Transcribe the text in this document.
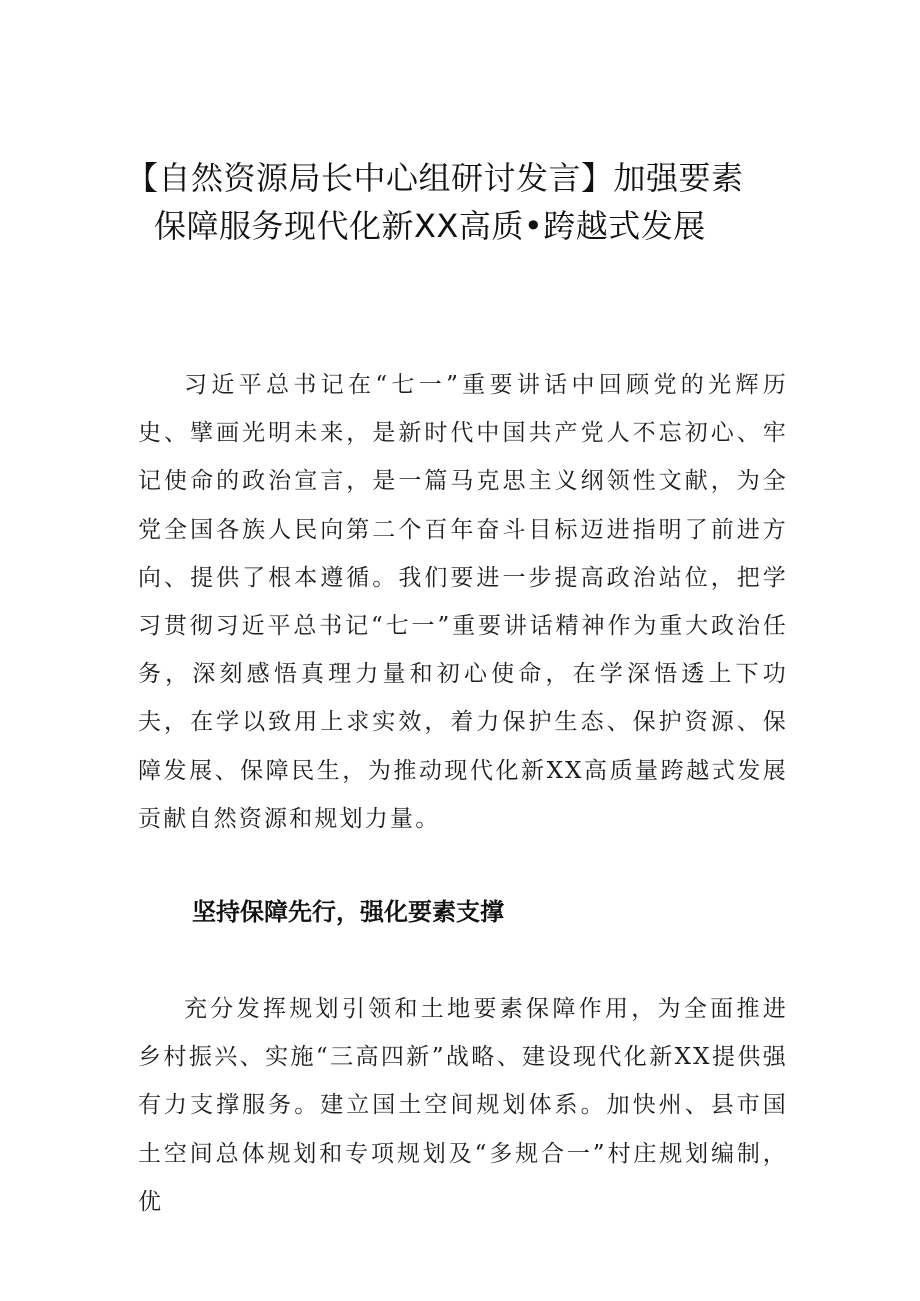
【自然资源局长中心组研讨发言】加强要素
保障服务现代化新XX高质•跨越式发展

习近平总书记在“七一”重要讲话中回顾党的光辉历史、擘画光明未来，是新时代中国共产党人不忘初心、牢记使命的政治宣言，是一篇马克思主义纲领性文献，为全党全国各族人民向第二个百年奋斗目标迈进指明了前进方向、提供了根本遵循。我们要进一步提高政治站位，把学习贯彻习近平总书记“七一”重要讲话精神作为重大政治任务，深刻感悟真理力量和初心使命，在学深悟透上下功夫，在学以致用上求实效，着力保护生态、保护资源、保障发展、保障民生，为推动现代化新XX高质量跨越式发展贡献自然资源和规划力量。

坚持保障先行，强化要素支撑

充分发挥规划引领和土地要素保障作用，为全面推进乡村振兴、实施“三高四新”战略、建设现代化新XX提供强有力支撑服务。建立国土空间规划体系。加快州、县市国土空间总体规划和专项规划及“多规合一”村庄规划编制，优
